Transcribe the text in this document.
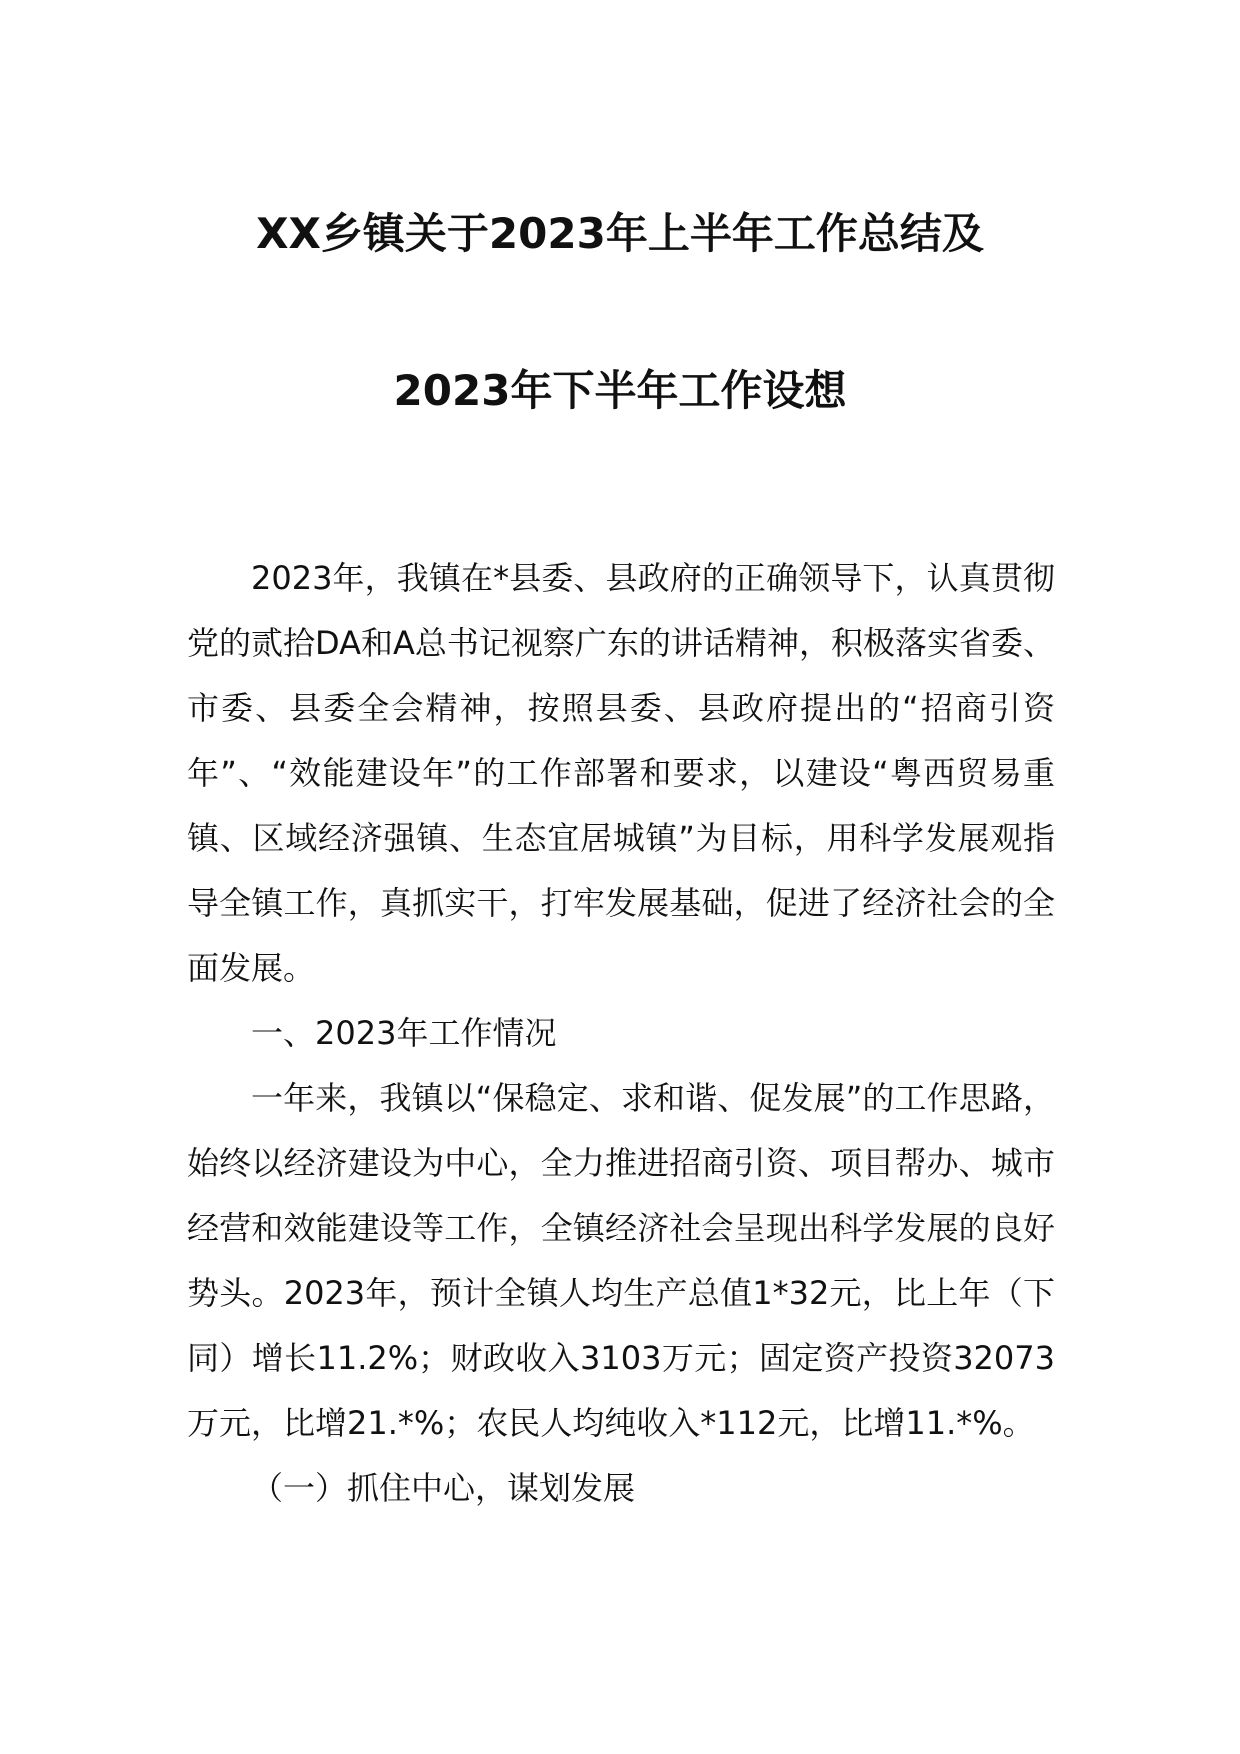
XX乡镇关于2023年上半年工作总结及
2023年下半年工作设想

2023年，我镇在*县委、县政府的正确领导下，认真贯彻党的贰拾DA和A总书记视察广东的讲话精神，积极落实省委、市委、县委全会精神，按照县委、县政府提出的“招商引资年”、“效能建设年”的工作部署和要求，以建设“粤西贸易重镇、区域经济强镇、生态宜居城镇”为目标，用科学发展观指导全镇工作，真抓实干，打牢发展基础，促进了经济社会的全面发展。

一、2023年工作情况

一年来，我镇以“保稳定、求和谐、促发展”的工作思路，始终以经济建设为中心，全力推进招商引资、项目帮办、城市经营和效能建设等工作，全镇经济社会呈现出科学发展的良好势头。2023年，预计全镇人均生产总值1*32元，比上年（下同）增长11.2%；财政收入3103万元；固定资产投资32073万元，比增21.*%；农民人均纯收入*112元，比增11.*%。

（一）抓住中心，谋划发展
